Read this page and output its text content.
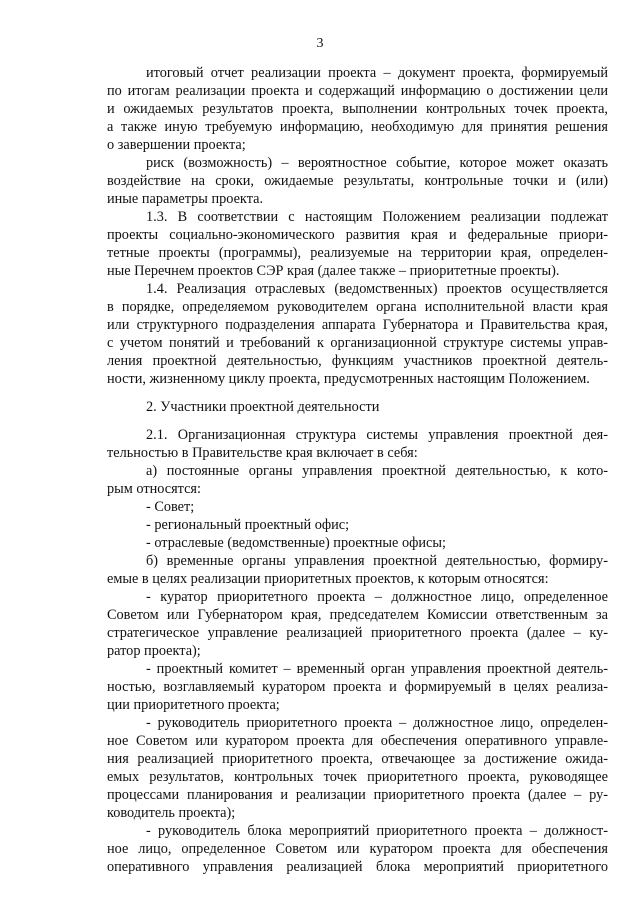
3
итоговый отчет реализации проекта – документ проекта, формируемый
по итогам реализации проекта и содержащий информацию о достижении цели
и ожидаемых результатов проекта, выполнении контрольных точек проекта,
а также иную требуемую информацию, необходимую для принятия решения
о завершении проекта;
риск (возможность) – вероятностное событие, которое может оказать
воздействие на сроки, ожидаемые результаты, контрольные точки и (или)
иные параметры проекта.
1.3. В соответствии с настоящим Положением реализации подлежат
проекты социально-экономического развития края и федеральные приори-
тетные проекты (программы), реализуемые на территории края, определен-
ные Перечнем проектов СЭР края (далее также – приоритетные проекты).
1.4. Реализация отраслевых (ведомственных) проектов осуществляется
в порядке, определяемом руководителем органа исполнительной власти края
или структурного подразделения аппарата Губернатора и Правительства края,
с учетом понятий и требований к организационной структуре системы управ-
ления проектной деятельностью, функциям участников проектной деятель-
ности, жизненному циклу проекта, предусмотренных настоящим Положением.
2. Участники проектной деятельности
2.1. Организационная структура системы управления проектной дея-
тельностью в Правительстве края включает в себя:
а) постоянные органы управления проектной деятельностью, к кото-
рым относятся:
- Совет;
- региональный проектный офис;
- отраслевые (ведомственные) проектные офисы;
б) временные органы управления проектной деятельностью, формиру-
емые в целях реализации приоритетных проектов, к которым относятся:
- куратор приоритетного проекта – должностное лицо, определенное
Советом или Губернатором края, председателем Комиссии ответственным за
стратегическое управление реализацией приоритетного проекта (далее – ку-
ратор проекта);
- проектный комитет – временный орган управления проектной деятель-
ностью, возглавляемый куратором проекта и формируемый в целях реализа-
ции приоритетного проекта;
- руководитель приоритетного проекта – должностное лицо, определен-
ное Советом или куратором проекта для обеспечения оперативного управле-
ния реализацией приоритетного проекта, отвечающее за достижение ожида-
емых результатов, контрольных точек приоритетного проекта, руководящее
процессами планирования и реализации приоритетного проекта (далее – ру-
ководитель проекта);
- руководитель блока мероприятий приоритетного проекта – должност-
ное лицо, определенное Советом или куратором проекта для обеспечения
оперативного управления реализацией блока мероприятий приоритетного
